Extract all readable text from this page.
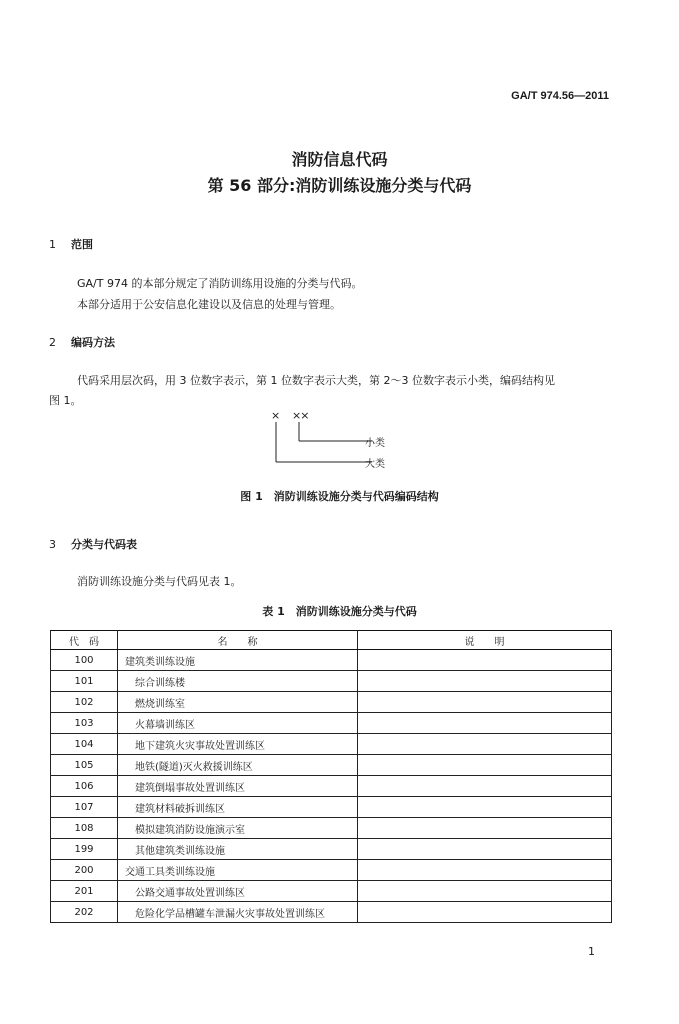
GA/T 974.56—2011
消防信息代码
第 56 部分:消防训练设施分类与代码
1 范围
GA/T 974 的本部分规定了消防训练用设施的分类与代码。
本部分适用于公安信息化建设以及信息的处理与管理。
2 编码方法
代码采用层次码，用 3 位数字表示，第 1 位数字表示大类，第 2～3 位数字表示小类，编码结构见
图 1。
× ××
小类
大类
图 1　消防训练设施分类与代码编码结构
3 分类与代码表
消防训练设施分类与代码见表 1。
表 1　消防训练设施分类与代码
代　码	名　　称	说　　明
100	建筑类训练设施	
101	综合训练楼	
102	燃烧训练室	
103	火幕墙训练区	
104	地下建筑火灾事故处置训练区	
105	地铁(隧道)灭火救援训练区	
106	建筑倒塌事故处置训练区	
107	建筑材料破拆训练区	
108	模拟建筑消防设施演示室	
199	其他建筑类训练设施	
200	交通工具类训练设施	
201	公路交通事故处置训练区	
202	危险化学品槽罐车泄漏火灾事故处置训练区	
1
